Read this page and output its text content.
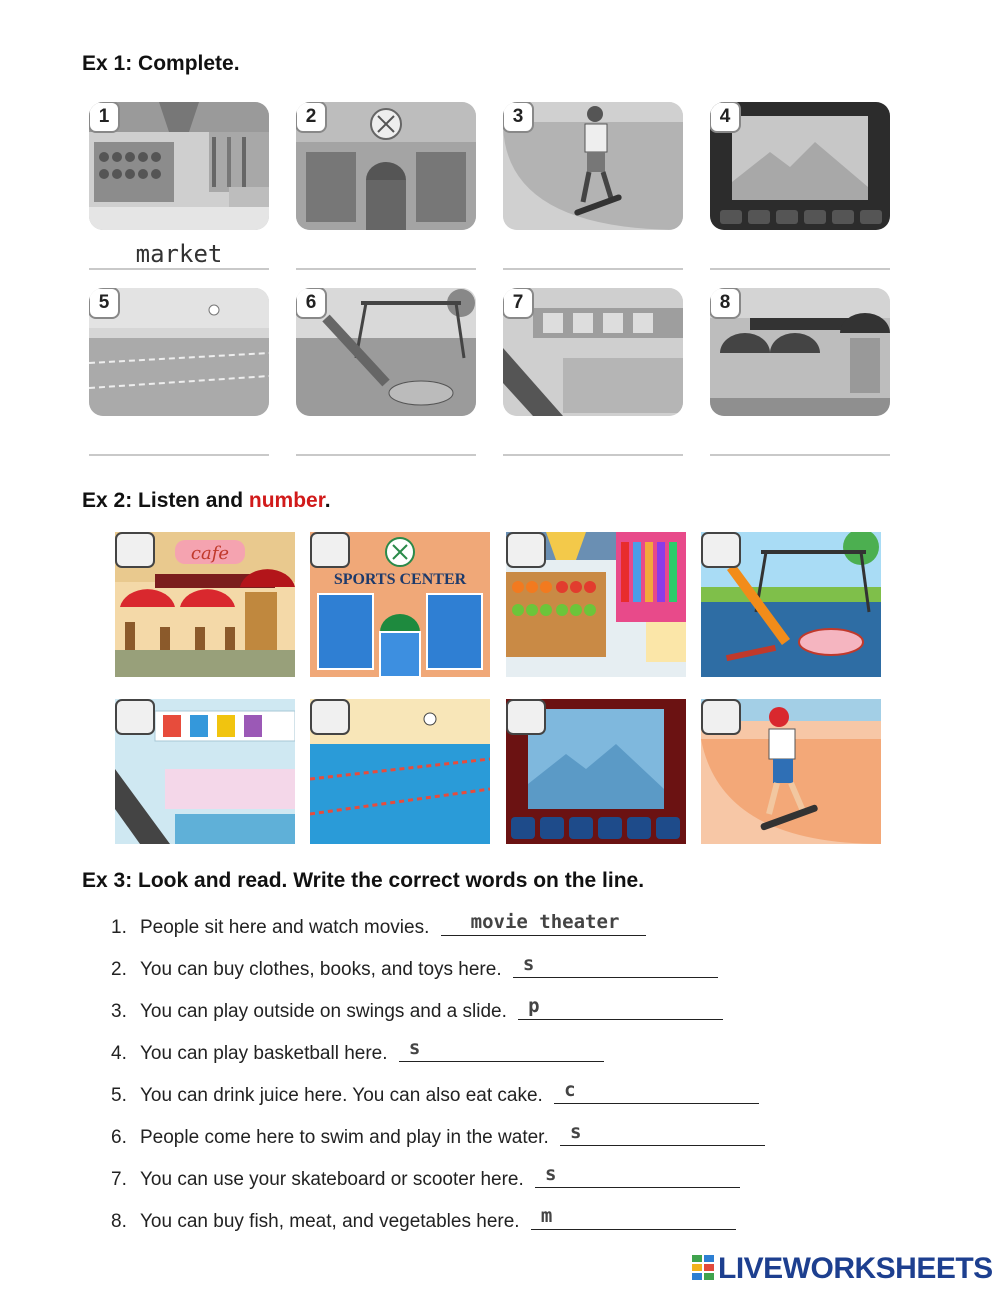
Ex 1: Complete.
1	2	3	4
market
5	6	7	8
Ex 2: Listen and number.
cafe
SPORTS CENTER
Ex 3: Look and read. Write the correct words on the line.
1. People sit here and watch movies. movie theater
2. You can buy clothes, books, and toys here. s
3. You can play outside on swings and a slide. p
4. You can play basketball here. s
5. You can drink juice here. You can also eat cake. c
6. People come here to swim and play in the water. s
7. You can use your skateboard or scooter here. s
8. You can buy fish, meat, and vegetables here. m
LIVEWORKSHEETS
